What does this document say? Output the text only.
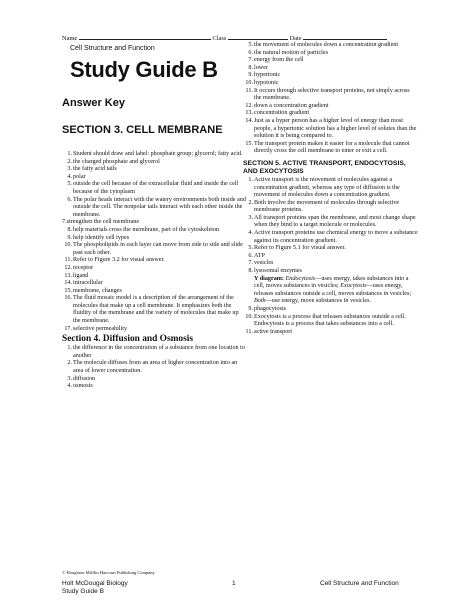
Name	Class	Date
Cell Structure and Function
Study Guide B
Answer Key
SECTION 3. CELL MEMBRANE
1. Student should draw and label: phosphate group; glycerol; fatty acid.
2. the charged phosphate and glycerol
3. the fatty acid tails
4. polar
5. outside the cell because of the extracellular fluid and inside the cell because of the cytoplasm
6. The polar heads interact with the watery environments both inside and outside the cell. The nonpolar tails interact with each other inside the membrane.
7.strengthen the cell membrane
8. help materials cross the membrane, part of the cytoskeleton
9. help identify cell types
10. The phospholipids in each layer can move from side to side and slide past each other.
11. Refer to Figure 3.2 for visual answer.
12. receptor
13. ligand
14. intracellular
15. membrane, changes
16. The fluid mosaic model is a description of the arrangement of the molecules that make up a cell membrane. It emphasizes both the fluidity of the membrane and the variety of molecules that make up the membrane.
17. selective permeability
Section 4. Diffusion and Osmosis
1. the difference in the concentration of a substance from one location to another
2. The molecule diffuses from an area of higher concentration into an area of lower concentration.
3. diffusion
4. osmosis
5. the movement of molecules down a concentration gradient
6. the natural motion of particles
7. energy from the cell
8. lower
9. hypertonic
10. hypotonic
11. It occurs through selective transport proteins, not simply across the membrane.
12. down a concentration gradient
13. concentration gradient
14. Just as a hyper person has a higher level of energy than most people, a hypertonic solution has a higher level of solutes than the solution it is being compared to.
15. The transport protein makes it easier for a molecule that cannot directly cross the cell membrane to enter or exit a cell.
SECTION 5. ACTIVE TRANSPORT, ENDOCYTOSIS, AND EXOCYTOSIS
1. Active transport is the movement of molecules against a concentration gradient, whereas any type of diffusion is the movement of molecules down a concentration gradient.
2. Both involve the movement of molecules through selective membrane proteins.
3. All transport proteins span the membrane, and most change shape when they bind to a target molecule or molecules.
4. Active transport proteins use chemical energy to move a substance against its concentration gradient.
5. Refer to Figure 5.1 for visual answer.
6. ATP
7. vesicles
8. lysosomal enzymes
Y diagram: Endocytosis—uses energy, takes substances into a cell, moves substances in vesicles; Exocytosis—uses energy, releases substances outside a cell, moves substances in vesicles; Both—use energy, move substances in vesicles.
9. phagocytosis
10. Exocytosis is a process that releases substances outside a cell. Endocytosis is a process that takes substances into a cell.
11. active transport
© Houghton Mifflin Harcourt Publishing Company
Holt McDougal Biology
Study Guide B
1	Cell Structure and Function
